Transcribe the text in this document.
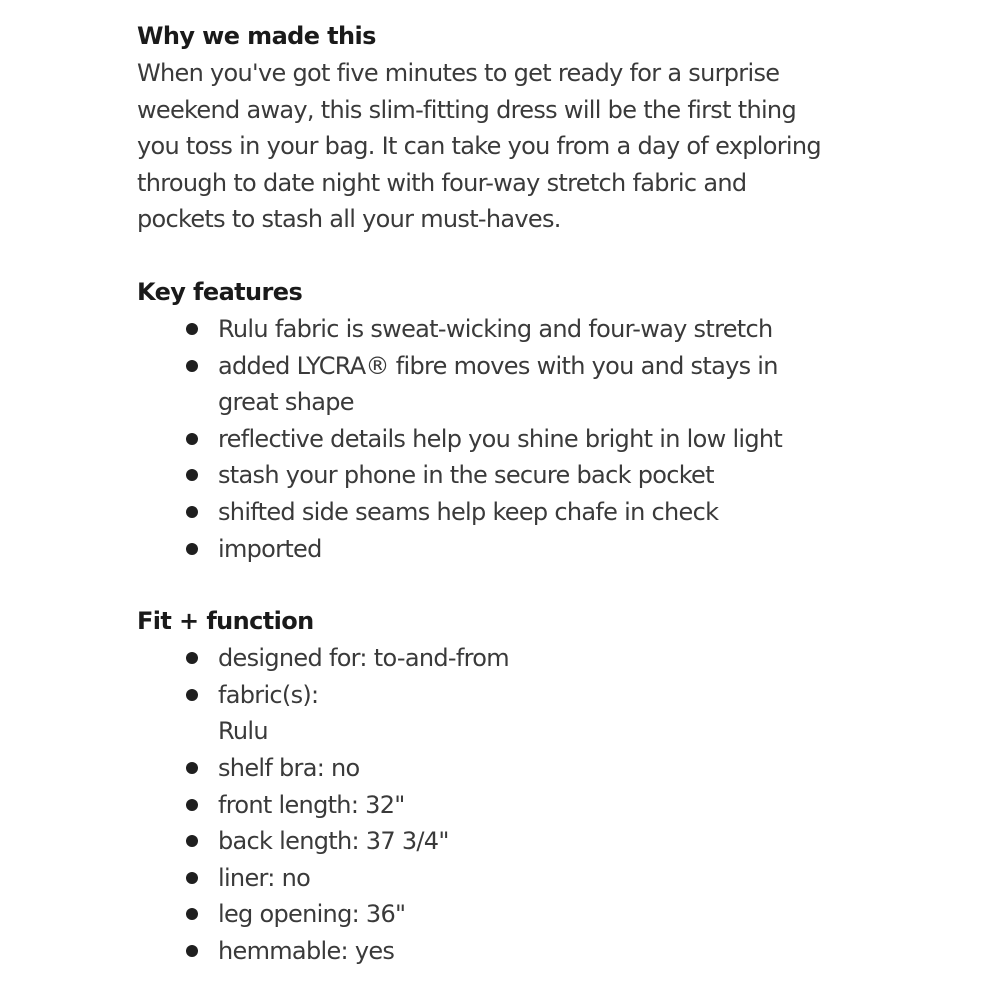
Why we made this

When you've got five minutes to get ready for a surprise
weekend away, this slim-fitting dress will be the first thing
you toss in your bag. It can take you from a day of exploring
through to date night with four-way stretch fabric and
pockets to stash all your must-haves.

Key features
Rulu fabric is sweat-wicking and four-way stretch
added LYCRA® fibre moves with you and stays in
great shape
reflective details help you shine bright in low light
stash your phone in the secure back pocket
shifted side seams help keep chafe in check
imported
Fit + function
designed for: to-and-from
fabric(s):
Rulu
shelf bra: no
front length: 32"
back length: 37 3/4"
liner: no
leg opening: 36"
hemmable: yes
